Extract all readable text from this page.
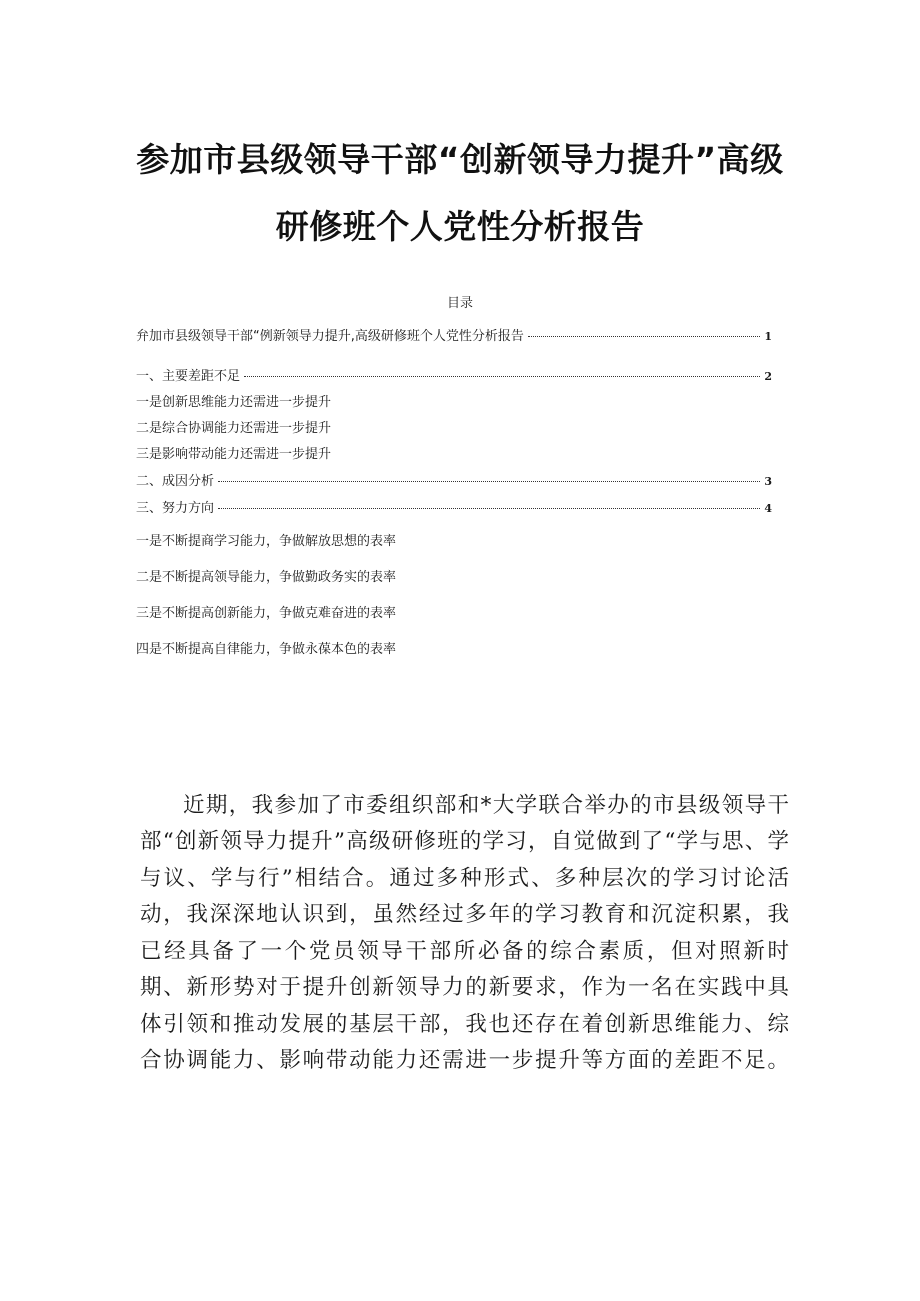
参加市县级领导干部“创新领导力提升”高级
研修班个人党性分析报告
目录
弁加市县级领导干部“例新领导力提升,高级研修班个人党性分析报告	1
一、主要差距不足	2
一是创新思维能力还需进一步提升
二是综合协调能力还需进一步提升
三是影响带动能力还需进一步提升
二、成因分析	3
三、努力方向	4
一是不断提商学习能力，争做解放思想的表率
二是不断提高领导能力，争做勤政务实的表率
三是不断提高创新能力，争做克难奋进的表率
四是不断提高自律能力，争做永葆本色的表率

近期，我参加了市委组织部和*大学联合举办的市县级领导干部“创新领导力提升”高级研修班的学习，自觉做到了“学与思、学与议、学与行”相结合。通过多种形式、多种层次的学习讨论活动，我深深地认识到，虽然经过多年的学习教育和沉淀积累，我已经具备了一个党员领导干部所必备的综合素质，但对照新时期、新形势对于提升创新领导力的新要求，作为一名在实践中具体引领和推动发展的基层干部，我也还存在着创新思维能力、综合协调能力、影响带动能力还需进一步提升等方面的差距不足。
